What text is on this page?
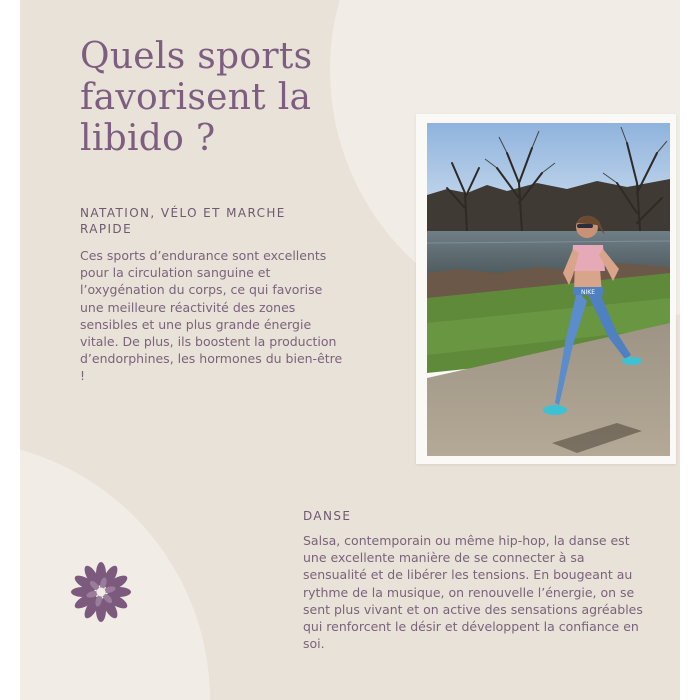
Quels sports favorisent la libido ?
NIKE
NATATION, VÉLO ET MARCHE RAPIDE

Ces sports d’endurance sont excellents pour la circulation sanguine et l’oxygénation du corps, ce qui favorise une meilleure réactivité des zones sensibles et une plus grande énergie vitale. De plus, ils boostent la production d’endorphines, les hormones du bien-être !

DANSE

Salsa, contemporain ou même hip-hop, la danse est une excellente manière de se connecter à sa sensualité et de libérer les tensions. En bougeant au rythme de la musique, on renouvelle l’énergie, on se sent plus vivant et on active des sensations agréables qui renforcent le désir et développent la confiance en soi.
